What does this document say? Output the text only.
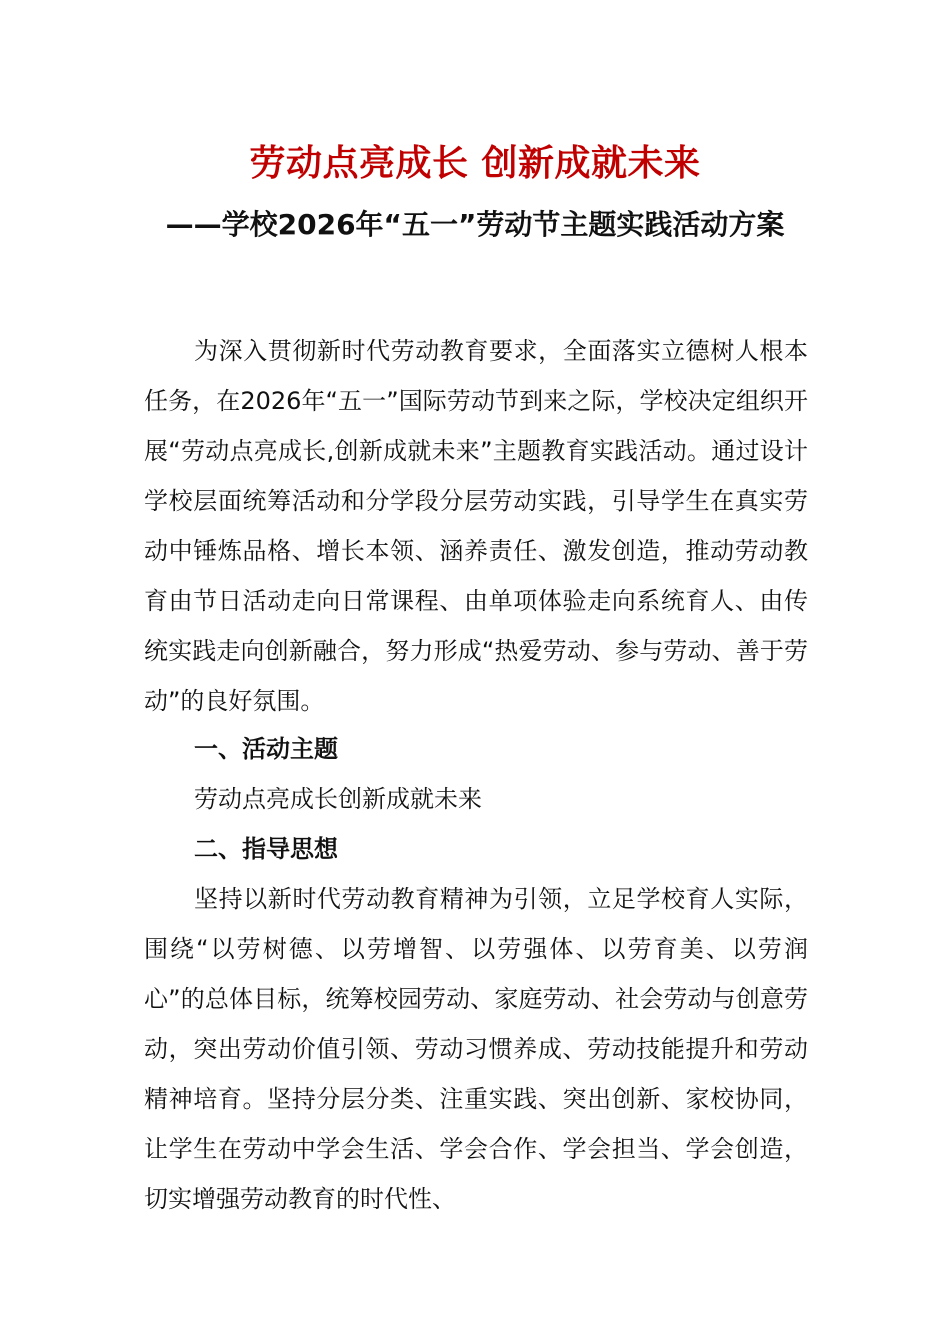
劳动点亮成长 创新成就未来
——学校2026年“五一”劳动节主题实践活动方案

为深入贯彻新时代劳动教育要求，全面落实立德树人根本任务，在2026年“五一”国际劳动节到来之际，学校决定组织开展“劳动点亮成长,创新成就未来”主题教育实践活动。通过设计学校层面统筹活动和分学段分层劳动实践，引导学生在真实劳动中锤炼品格、增长本领、涵养责任、激发创造，推动劳动教育由节日活动走向日常课程、由单项体验走向系统育人、由传统实践走向创新融合，努力形成“热爱劳动、参与劳动、善于劳动”的良好氛围。

一、活动主题

劳动点亮成长创新成就未来

二、指导思想

坚持以新时代劳动教育精神为引领，立足学校育人实际，围绕“以劳树德、以劳增智、以劳强体、以劳育美、以劳润心”的总体目标，统筹校园劳动、家庭劳动、社会劳动与创意劳动，突出劳动价值引领、劳动习惯养成、劳动技能提升和劳动精神培育。坚持分层分类、注重实践、突出创新、家校协同，让学生在劳动中学会生活、学会合作、学会担当、学会创造，切实增强劳动教育的时代性、
